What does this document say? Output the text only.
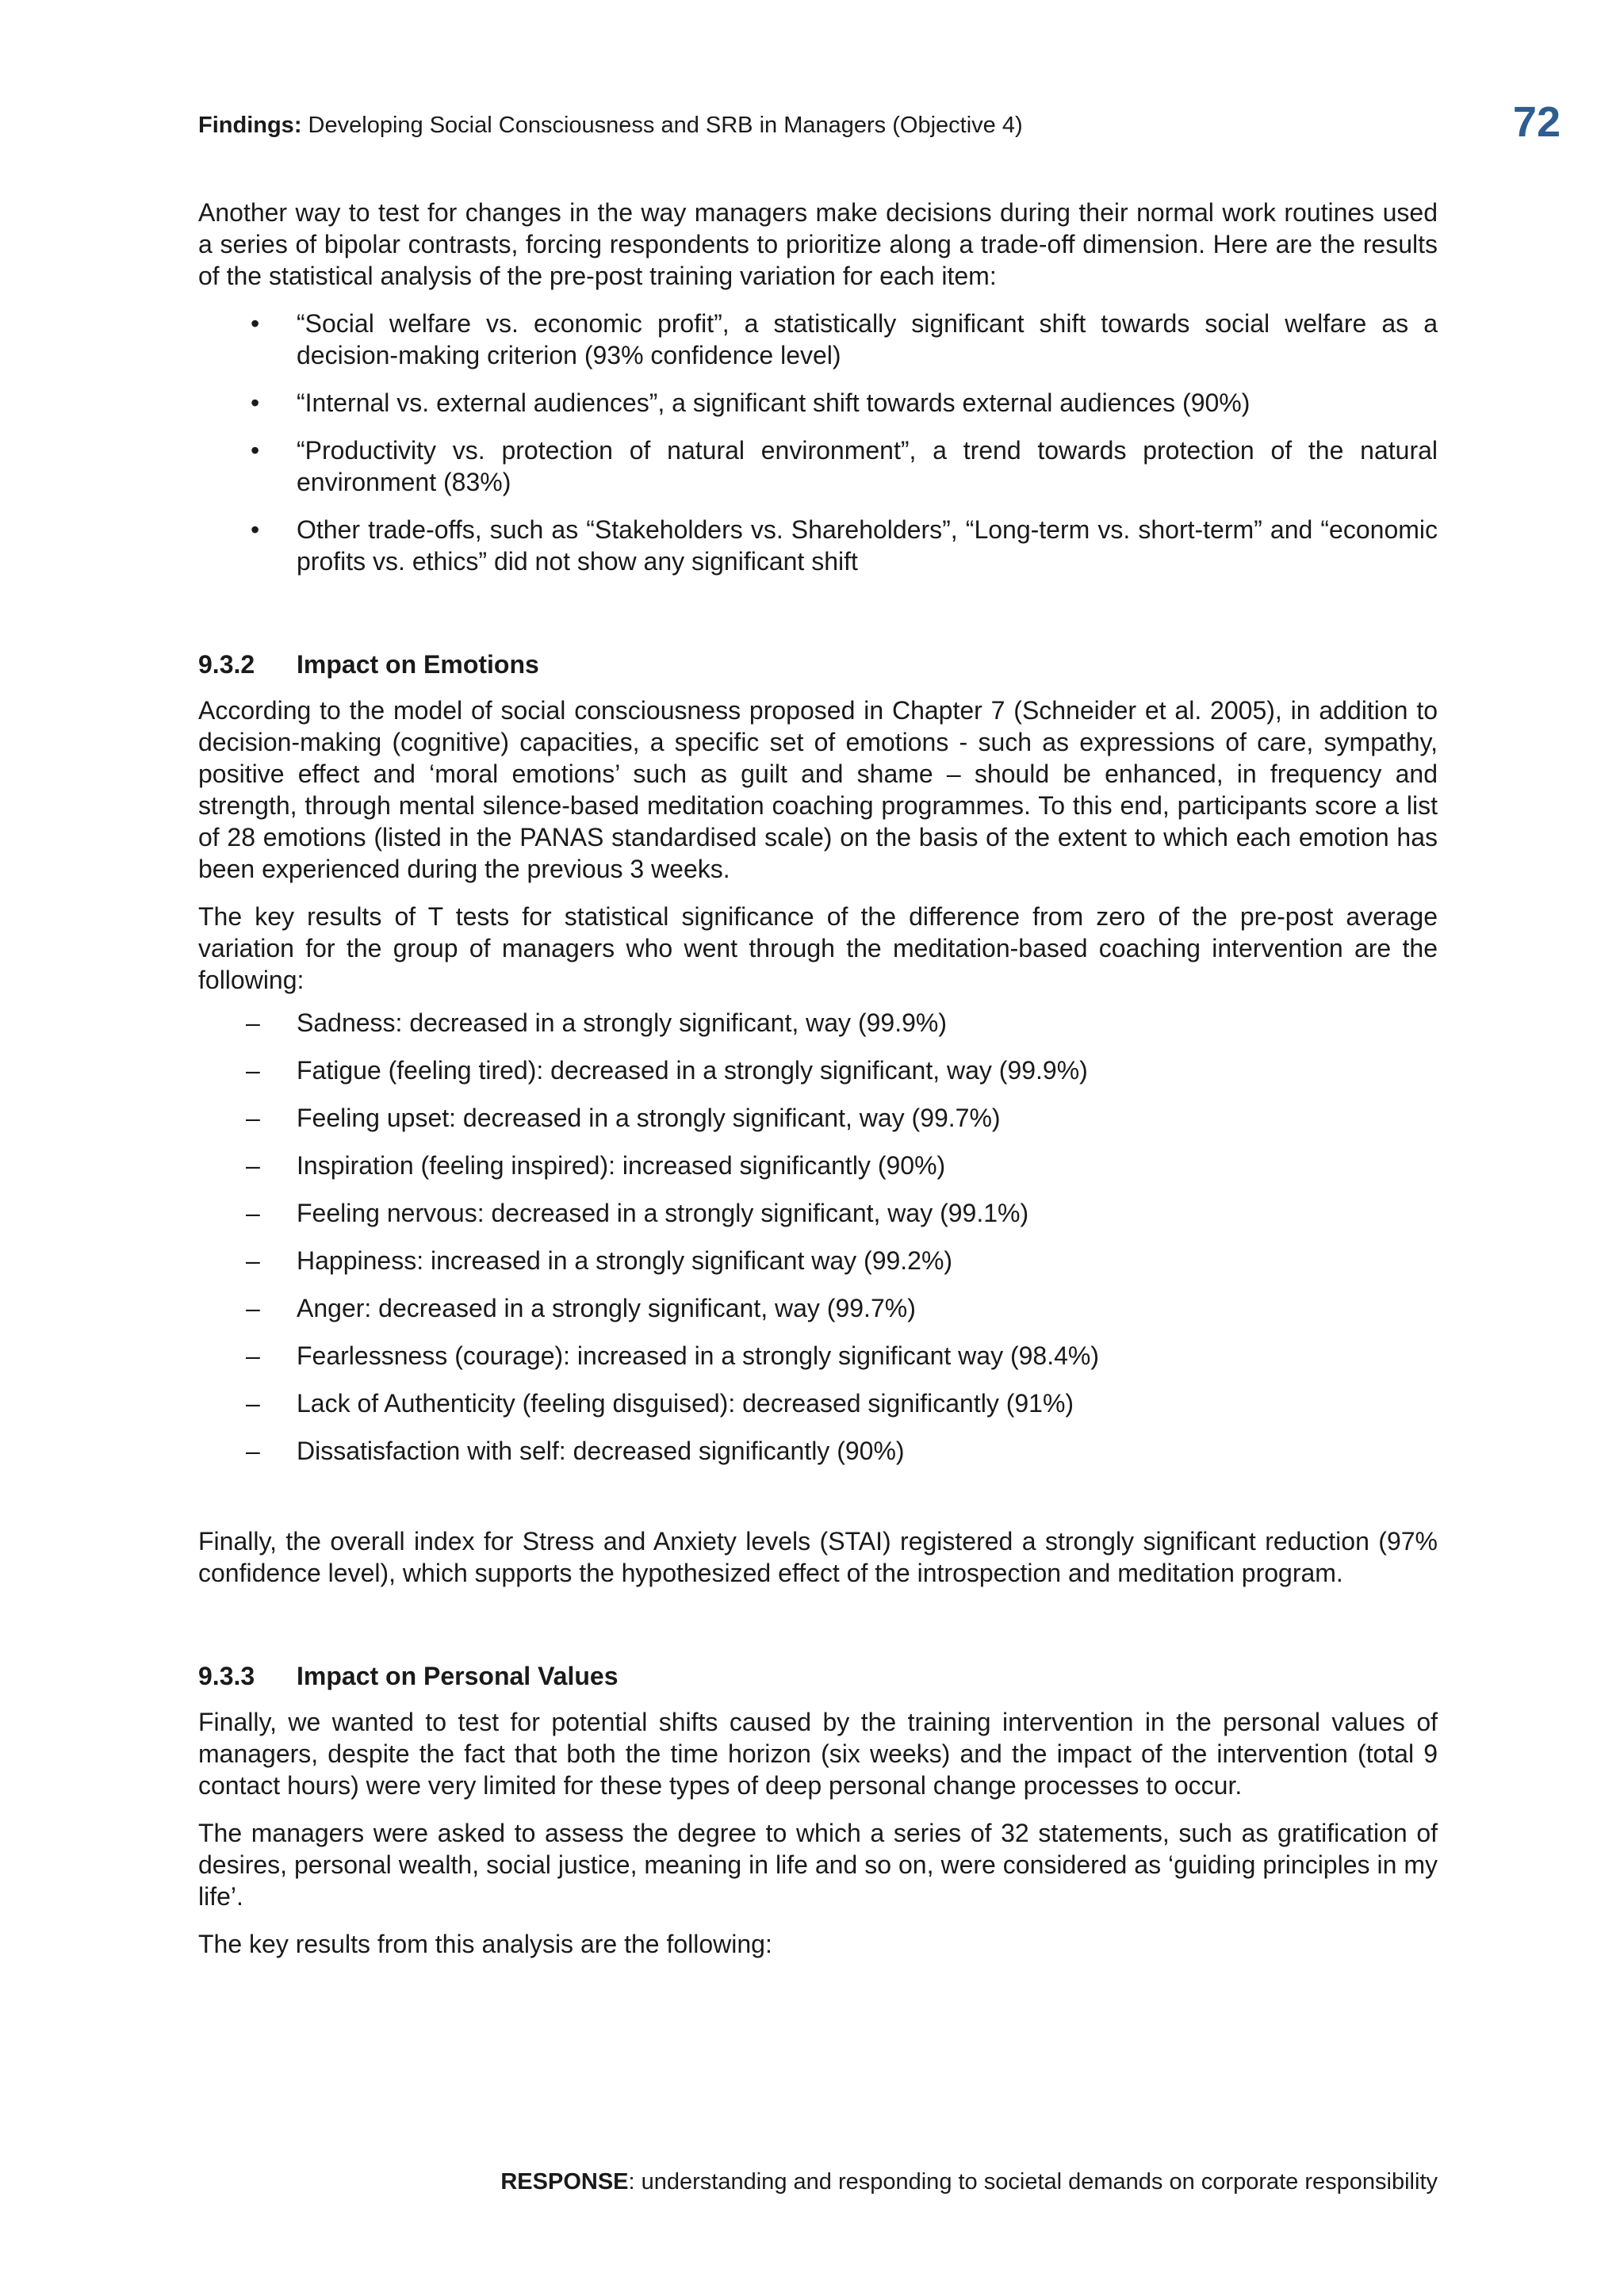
Findings: Developing Social Consciousness and SRB in Managers (Objective 4)	72

Another way to test for changes in the way managers make decisions during their normal work routines used a series of bipolar contrasts, forcing respondents to prioritize along a trade-off dimension. Here are the results of the statistical analysis of the pre-post training variation for each item:

• “Social welfare vs. economic profit”, a statistically significant shift towards social welfare as a decision-making criterion (93% confidence level)
• “Internal vs. external audiences”, a significant shift towards external audiences (90%)
• “Productivity vs. protection of natural environment”, a trend towards protection of the natural environment (83%)
• Other trade-offs, such as “Stakeholders vs. Shareholders”, “Long-term vs. short-term” and “economic profits vs. ethics” did not show any significant shift
9.3.2 Impact on Emotions

According to the model of social consciousness proposed in Chapter 7 (Schneider et al. 2005), in addition to decision-making (cognitive) capacities, a specific set of emotions - such as expressions of care, sympathy, positive effect and ‘moral emotions’ such as guilt and shame – should be enhanced, in frequency and strength, through mental silence-based meditation coaching programmes. To this end, participants score a list of 28 emotions (listed in the PANAS standardised scale) on the basis of the extent to which each emotion has been experienced during the previous 3 weeks.

The key results of T tests for statistical significance of the difference from zero of the pre-post average variation for the group of managers who went through the meditation-based coaching intervention are the following:

– Sadness: decreased in a strongly significant, way (99.9%)
– Fatigue (feeling tired): decreased in a strongly significant, way (99.9%)
– Feeling upset: decreased in a strongly significant, way (99.7%)
– Inspiration (feeling inspired): increased significantly (90%)
– Feeling nervous: decreased in a strongly significant, way (99.1%)
– Happiness: increased in a strongly significant way (99.2%)
– Anger: decreased in a strongly significant, way (99.7%)
– Fearlessness (courage): increased in a strongly significant way (98.4%)
– Lack of Authenticity (feeling disguised): decreased significantly (91%)
– Dissatisfaction with self: decreased significantly (90%)

Finally, the overall index for Stress and Anxiety levels (STAI) registered a strongly significant reduction (97% confidence level), which supports the hypothesized effect of the introspection and meditation program.

9.3.3 Impact on Personal Values

Finally, we wanted to test for potential shifts caused by the training intervention in the personal values of managers, despite the fact that both the time horizon (six weeks) and the impact of the intervention (total 9 contact hours) were very limited for these types of deep personal change processes to occur.

The managers were asked to assess the degree to which a series of 32 statements, such as gratification of desires, personal wealth, social justice, meaning in life and so on, were considered as ‘guiding principles in my life’.

The key results from this analysis are the following:

RESPONSE: understanding and responding to societal demands on corporate responsibility
